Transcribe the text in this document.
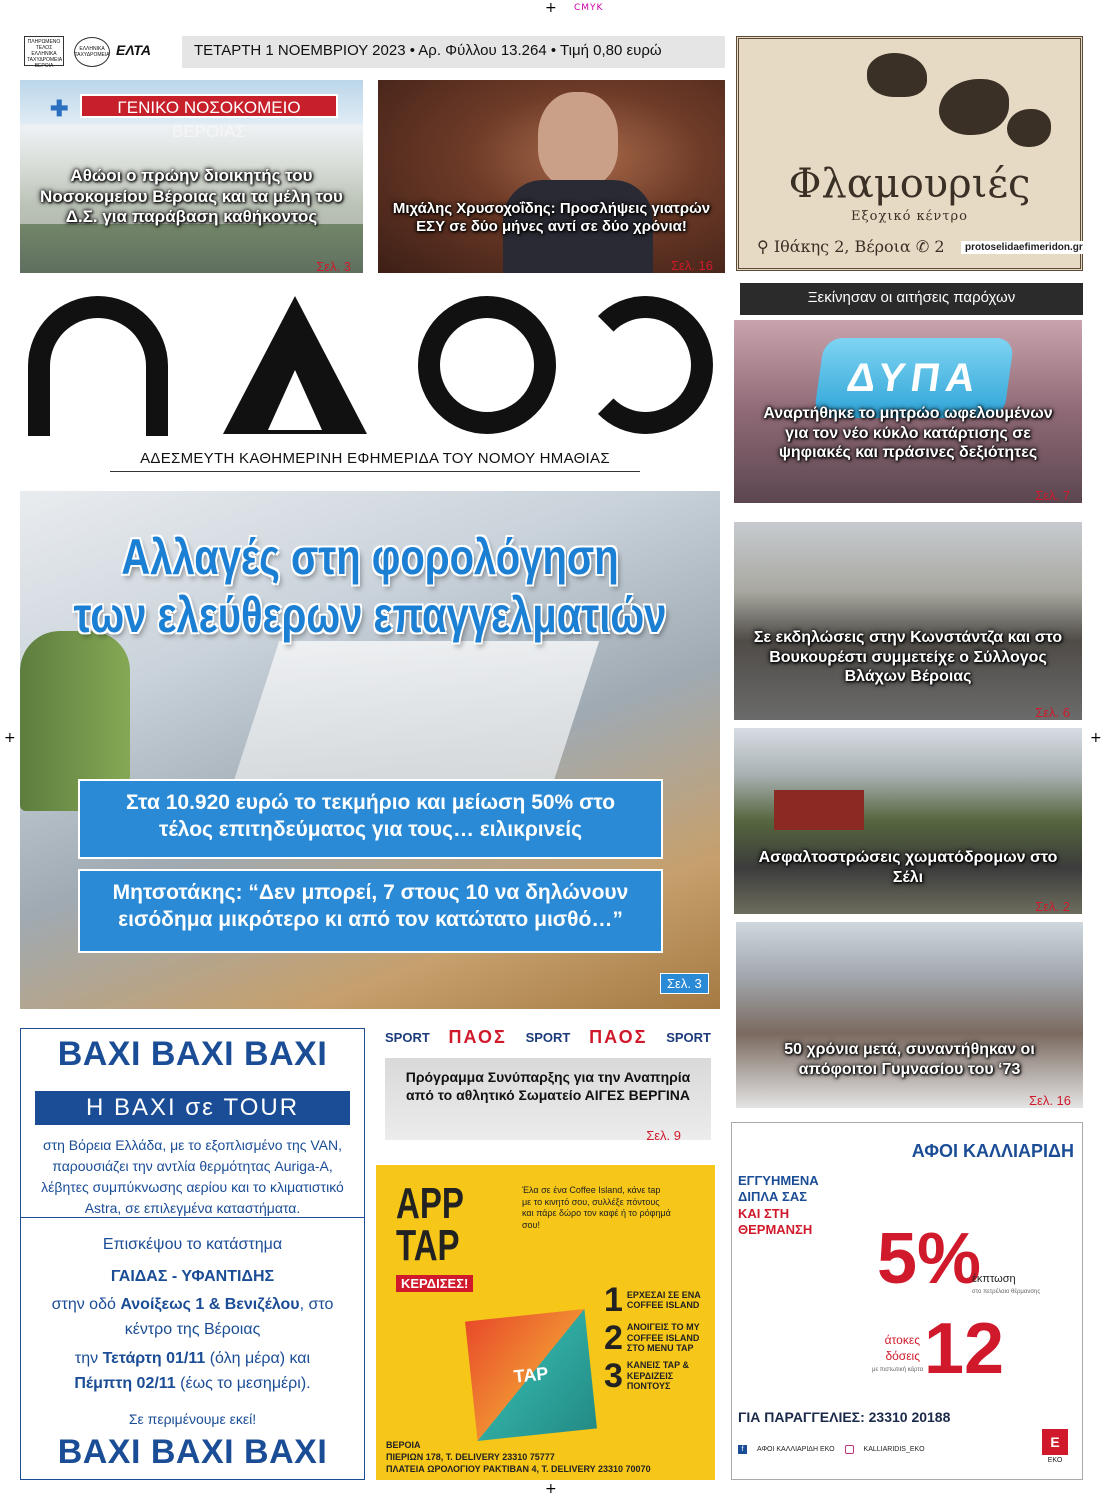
+ CMYK
+	+
+
ΠΛΗΡΩΜΕΝΟ ΤΕΛΟΣ ΕΛΛΗΝΙΚΑ ΤΑΧΥΔΡΟΜΕΙΑ ΒΕΡΟΙΑ
ΕΛΛΗΝΙΚΑ ΤΑΧΥΔΡΟΜΕΙΑ ΕΛΤΑ	ΤΕΤΑΡΤΗ 1 ΝΟΕΜΒΡΙΟΥ 2023 • Αρ. Φύλλου 13.264 • Τιμή 0,80 ευρώ
ΓΕΝΙΚΟ ΝΟΣΟΚΟΜΕΙΟ
✚
Αθώοι ο πρώην διοικητής του Νοσοκομείου Βέροιας και τα μέλη του Δ.Σ. για παράβαση καθήκοντος
Σελ. 3
Μιχάλης Χρυσοχοΐδης: Προσλήψεις γιατρών ΕΣΥ σε δύο μήνες αντί σε δύο χρόνια!
Σελ. 16
Φλαμουριές
Εξοχικό κέντρο
⚲ Ιθάκης 2, Βέροια ✆ 2	protoselidaefimeridon.gr
ΑΔΕΣΜΕΥΤΗ ΚΑΘΗΜΕΡΙΝΗ ΕΦΗΜΕΡΙΔΑ ΤΟΥ ΝΟΜΟΥ ΗΜΑΘΙΑΣ
Αλλαγές στη φορολόγηση
των ελεύθερων επαγγελματιών
Στα 10.920 ευρώ το τεκμήριο και μείωση 50% στο τέλος επιτηδεύματος για τους… ειλικρινείς
Μητσοτάκης: “Δεν μπορεί, 7 στους 10 να δηλώνουν εισόδημα μικρότερο κι από τον κατώτατο μισθό…”
Σελ. 3
Ξεκίνησαν οι αιτήσεις παρόχων
ΔΥΠΑ
Αναρτήθηκε το μητρώο ωφελουμένων για τον νέο κύκλο κατάρτισης σε ψηφιακές και πράσινες δεξιότητες
Σελ. 7
Σε εκδηλώσεις στην Κωνστάντζα και στο Βουκουρέστι συμμετείχε ο Σύλλογος Βλάχων Βέροιας
Σελ. 6
Ασφαλτοστρώσεις χωματόδρομων στο Σέλι
Σελ. 2
50 χρόνια μετά, συναντήθηκαν οι απόφοιτοι Γυμνασίου του ‘73
Σελ. 16
BAXI BAXI BAXI
Η BAXI σε TOUR
στη Βόρεια Ελλάδα, με το εξοπλισμένο της VAN, παρουσιάζει την αντλία θερμότητας Auriga-A, λέβητες συμπύκνωσης αερίου και το κλιματιστικό Astra, σε επιλεγμένα καταστήματα.
Επισκέψου το κατάστημα
ΓΑΙΔΑΣ - ΥΦΑΝΤΙΔΗΣ
στην οδό Ανοίξεως 1 & Βενιζέλου, στο κέντρο της Βέροιας
την Τετάρτη 01/11 (όλη μέρα) και
Πέμπτη 02/11 (έως το μεσημέρι).
Σε περιμένουμε εκεί!
BAXI BAXI BAXI
SPORT ΠΑΟΣ SPORT ΠΑΟΣ SPORT
Πρόγραμμα Συνύπαρξης για την Αναπηρία από το αθλητικό Σωματείο ΑΙΓΕΣ ΒΕΡΓΙΝΑ
Σελ. 9
APP
TAP
ΚΕΡΔΙΣΕΣ!
Έλα σε ένα Coffee Island, κάνε tap με το κινητό σου, συλλέξε πόντους και πάρε δώρο τον καφέ ή το ρόφημά σου!
TAP
1 ΕΡΧΕΣΑΙ ΣΕ ΕΝΑ COFFEE ISLAND
2 ΑΝΟΙΓΕΙΣ ΤΟ MY COFFEE ISLAND ΣΤΟ MENU TAP
3 ΚΑΝΕΙΣ TAP & ΚΕΡΔΙΖΕΙΣ ΠΟΝΤΟΥΣ
ΒΕΡΟΙΑ
ΠΙΕΡΙΩΝ 178, Τ. DELIVERY 23310 75777
ΠΛΑΤΕΙΑ ΩΡΟΛΟΓΙΟΥ ΡΑΚΤΙΒΑΝ 4, Τ. DELIVERY 23310 70070
ΑΦΟΙ ΚΑΛΛΙΑΡΙΔΗ
ΕΓΓΥΗΜΕΝΑ
ΔΙΠΛΑ ΣΑΣ
ΚΑΙ ΣΤΗ
ΘΕΡΜΑΝΣΗ 5%
έκπτωση
στο πετρέλαιο θέρμανσης
άτοκες
δόσεις
με πιστωτική κάρτα 12
ΓΙΑ ΠΑΡΑΓΓΕΛΙΕΣ: 23310 20188
f	ΑΦΟΙ ΚΑΛΛΙΑΡΙΔΗ ΕΚΟ	KALLIARIDIS_EKO	Ε
ΕΚΟ
